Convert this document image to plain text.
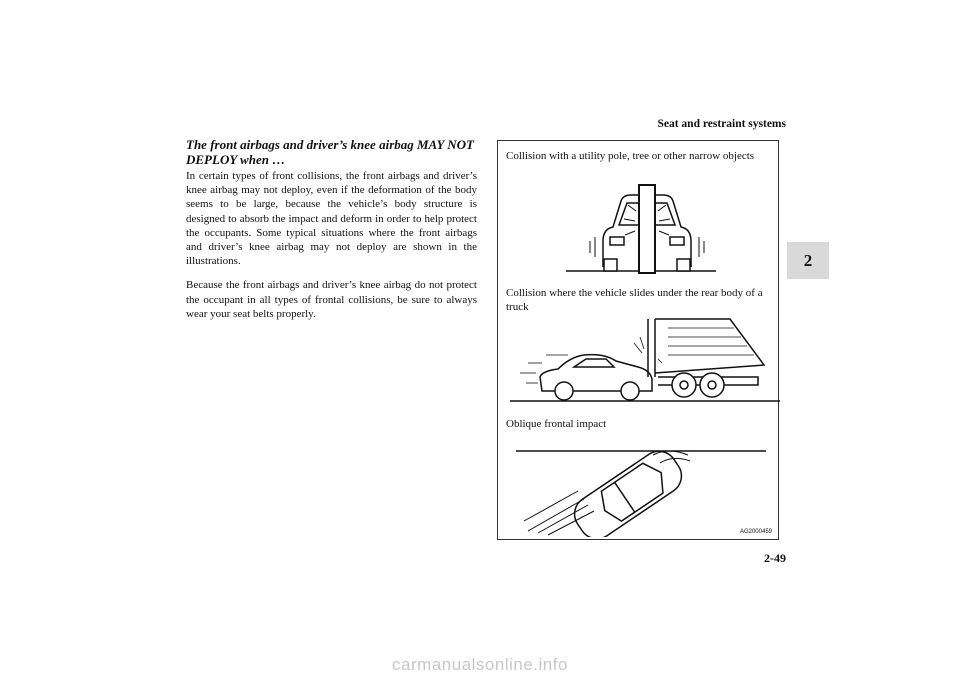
Seat and restraint systems
2

The front airbags and driver’s knee airbag MAY NOT DEPLOY when …

In certain types of front collisions, the front airbags and driver’s knee airbag may not deploy, even if the deformation of the body seems to be large, because the vehicle’s body structure is designed to absorb the impact and deform in order to help protect the occupants. Some typical situations where the front airbags and driver’s knee airbag may not deploy are shown in the illustrations.

Because the front airbags and driver’s knee airbag do not protect the occupant in all types of frontal collisions, be sure to always wear your seat belts properly.

Collision with a utility pole, tree or other narrow objects
Collision where the vehicle slides under the rear body of a truck
Oblique frontal impact
AG2000459
2-49
carmanualsonline.info
